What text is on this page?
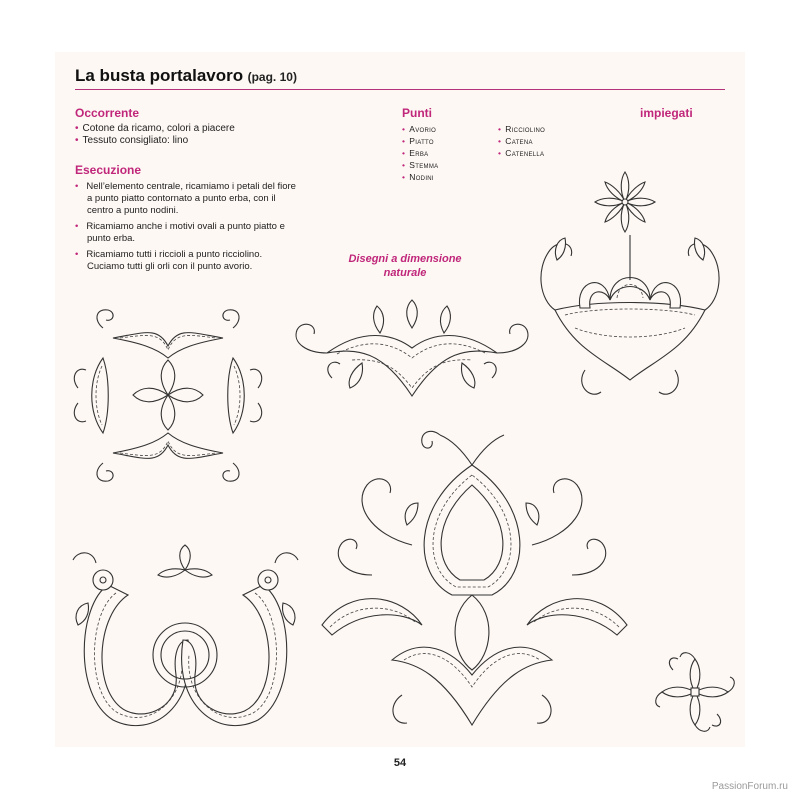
La busta portalavoro (pag. 10)
Occorrente
• Cotone da ricamo, colori a piacere
• Tessuto consigliato: lino
Esecuzione
• Nell’elemento centrale, ricamiamo i petali del fiore a punto piatto contornato a punto erba, con il centro a punto nodini.
• Ricamiamo anche i motivi ovali a punto piatto e punto erba.
• Ricamiamo tutti i riccioli a punto ricciolino. Cuciamo tutti gli orli con il punto avorio.
Punti	impiegati
• Avorio
• Piatto
• Erba
• Stemma
• Nodini
• Ricciolino
• Catena
• Catenella
Disegni a dimensione
naturale
54
PassionForum.ru
